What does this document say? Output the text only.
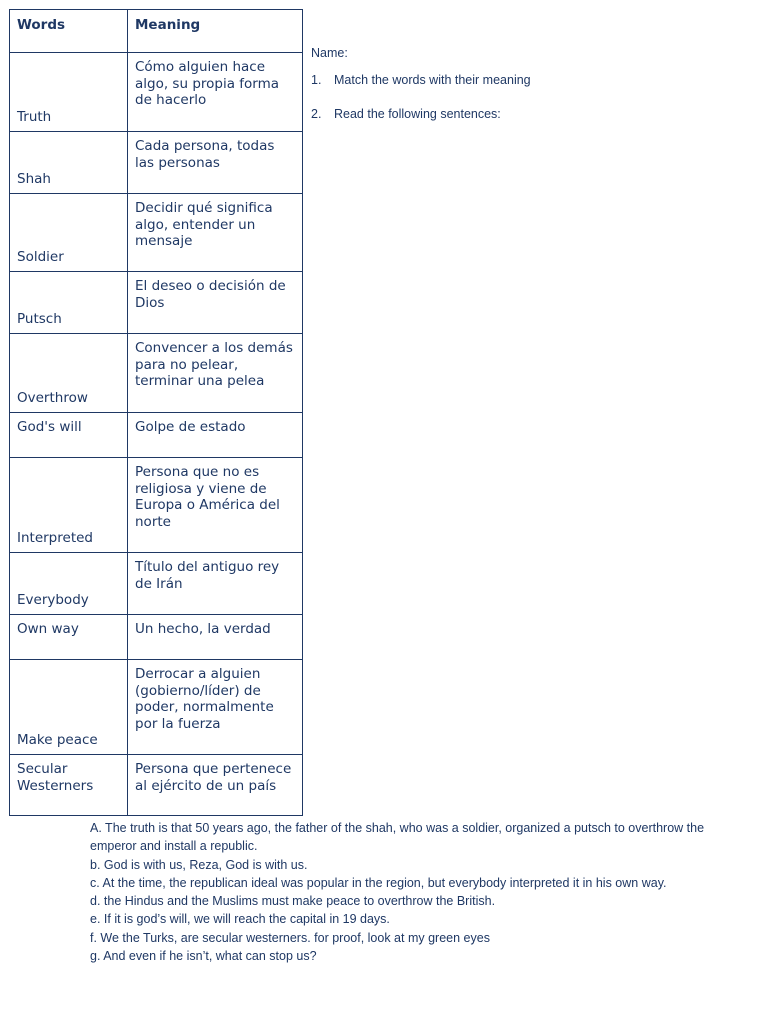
Words	Meaning
Truth	Cómo alguien hace algo, su propia forma de hacerlo
Shah	Cada persona, todas las personas
Soldier	Decidir qué significa algo, entender un mensaje
Putsch	El deseo o decisión de Dios
Overthrow	Convencer a los demás para no pelear, terminar una pelea
God's will	Golpe de estado
Interpreted	Persona que no es religiosa y viene de Europa o América del norte
Everybody	Título del antiguo rey de Irán
Own way	Un hecho, la verdad
Make peace	Derrocar a alguien (gobierno/líder) de poder, normalmente por la fuerza
Secular Westerners	Persona que pertenece al ejército de un país
Name:
1.	Match the words with their meaning
2.	Read the following sentences:

A. The truth is that 50 years ago, the father of the shah, who was a soldier, organized a putsch to overthrow the emperor and install a republic.

b. God is with us, Reza, God is with us.

c. At the time, the republican ideal was popular in the region, but everybody interpreted it in his own way.

d. the Hindus and the Muslims must make peace to overthrow the British.

e. If it is god’s will, we will reach the capital in 19 days.

f. We the Turks, are secular westerners. for proof, look at my green eyes

g. And even if he isn’t, what can stop us?
